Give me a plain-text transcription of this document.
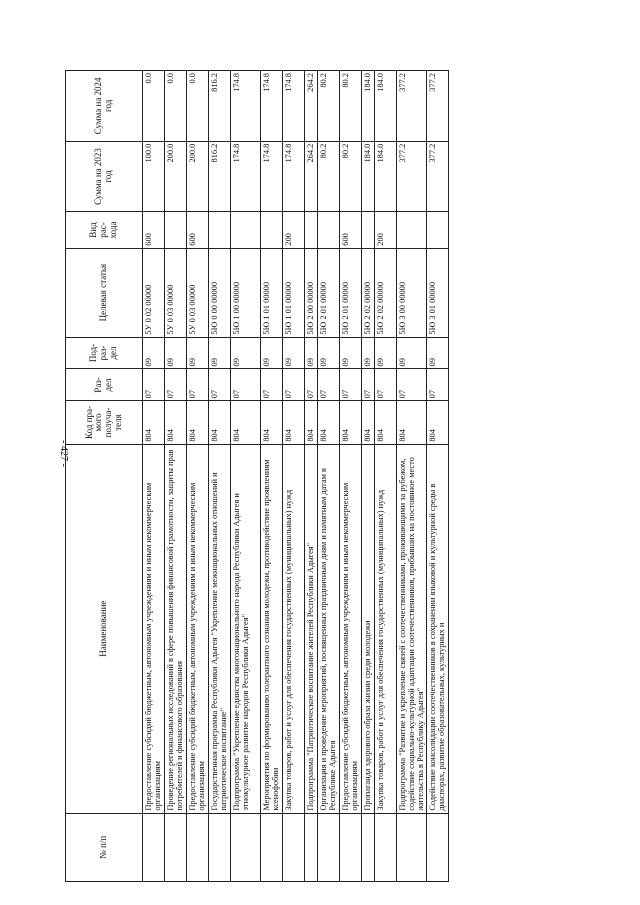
- 427 -
№ п/п	Наименование	Код пра-мого получа-теля	Раз-дел	Под-раз-дел	Целевая статья	Вид рас-хода	Сумма на 2023 год	Сумма на 2024 год
	Предоставление субсидий бюджетным, автономным учреждениям и иным некоммерческим организациям	804	07	09	5У 0 02 00000	600	100.0	0.0
	Проведение региональных исследований в сфере повышения финансовой грамотности, защиты прав потребителей и финансового образования	804	07	09	5У 0 03 00000		200.0	0.0
	Предоставление субсидий бюджетным, автономным учреждениям и иным некоммерческим организациям	804	07	09	5У 0 03 00000	600	200.0	0.0
	Государственная программа Республики Адыгея "Укрепление межнациональных отношений и патриотическое воспитание"	804	07	09	5Ю 0 00 00000		816.2	816.2
	Подпрограмма "Укрепление единства многонационального народа Республики Адыгея и этнокультурное развитие народов Республики Адыгея"	804	07	09	5Ю 1 00 00000		174.8	174.8
	Мероприятия по формированию толерантного сознания молодежи, противодействие проявлениям ксенофобии	804	07	09	5Ю 1 01 00000		174.8	174.8
	Закупка товаров, работ и услуг для обеспечения государственных (муниципальных) нужд	804	07	09	5Ю 1 01 00000	200	174.8	174.8
	Подпрограмма "Патриотическое воспитание жителей Республики Адыгея"	804	07	09	5Ю 2 00 00000		264.2	264.2
	Организация и проведение мероприятий, посвященных праздничным дням и памятным датам в Республике Адыгея	804	07	09	5Ю 2 01 00000		80.2	80.2
	Предоставление субсидий бюджетным, автономным учреждениям и иным некоммерческим организациям	804	07	09	5Ю 2 01 00000	600	80.2	80.2
	Пропаганда здорового образа жизни среди молодежи	804	07	09	5Ю 2 02 00000		184.0	184.0
	Закупка товаров, работ и услуг для обеспечения государственных (муниципальных) нужд	804	07	09	5Ю 2 02 00000	200	184.0	184.0
	Подпрограмма "Развитие и укрепление связей с соотечественниками, проживающими за рубежом, содействие социально-культурной адаптации соотечественников, прибывших на постоянное место жительства в Республику Адыгея"	804	07	09	5Ю 3 00 00000		377.2	377.2
	Содействие консолидации соотечественников в сохранении языковой и культурной среды в диаспорах, развитие образовательных, культурных и	804	07	09	5Ю 3 01 00000		377.2	377.2
